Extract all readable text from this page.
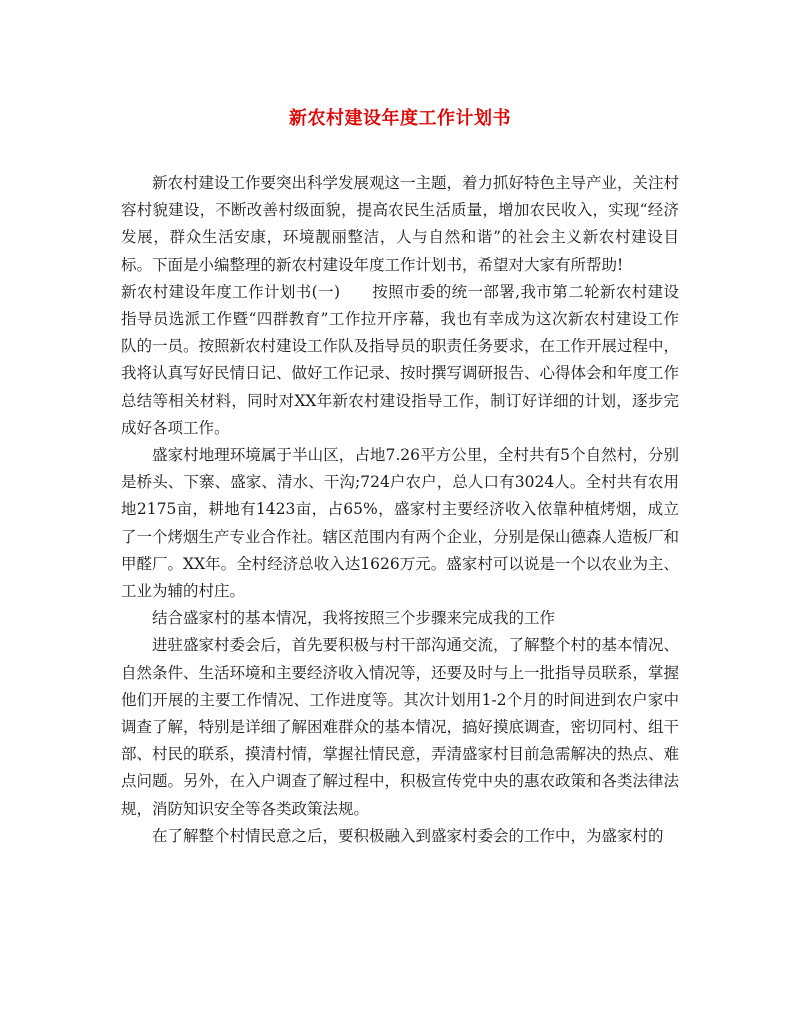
新农村建设年度工作计划书

新农村建设工作要突出科学发展观这一主题，着力抓好特色主导产业，关注村容村貌建设，不断改善村级面貌，提高农民生活质量，增加农民收入，实现“经济发展，群众生活安康，环境靓丽整洁，人与自然和谐”的社会主义新农村建设目标。下面是小编整理的新农村建设年度工作计划书，希望对大家有所帮助!

新农村建设年度工作计划书(一)　　按照市委的统一部署,我市第二轮新农村建设指导员选派工作暨“四群教育”工作拉开序幕，我也有幸成为这次新农村建设工作队的一员。按照新农村建设工作队及指导员的职责任务要求，在工作开展过程中，我将认真写好民情日记、做好工作记录、按时撰写调研报告、心得体会和年度工作总结等相关材料，同时对XX年新农村建设指导工作，制订好详细的计划，逐步完成好各项工作。

盛家村地理环境属于半山区，占地7.26平方公里，全村共有5个自然村，分别是桥头、下寨、盛家、清水、干沟;724户农户，总人口有3024人。全村共有农用地2175亩，耕地有1423亩，占65%，盛家村主要经济收入依靠种植烤烟，成立了一个烤烟生产专业合作社。辖区范围内有两个企业，分别是保山德森人造板厂和甲醛厂。XX年。全村经济总收入达1626万元。盛家村可以说是一个以农业为主、工业为辅的村庄。

结合盛家村的基本情况，我将按照三个步骤来完成我的工作

进驻盛家村委会后，首先要积极与村干部沟通交流，了解整个村的基本情况、自然条件、生活环境和主要经济收入情况等，还要及时与上一批指导员联系，掌握他们开展的主要工作情况、工作进度等。其次计划用1-2个月的时间进到农户家中调查了解，特别是详细了解困难群众的基本情况，搞好摸底调查，密切同村、组干部、村民的联系，摸清村情，掌握社情民意，弄清盛家村目前急需解决的热点、难点问题。另外，在入户调查了解过程中，积极宣传党中央的惠农政策和各类法律法规，消防知识安全等各类政策法规。

在了解整个村情民意之后，要积极融入到盛家村委会的工作中，为盛家村的
